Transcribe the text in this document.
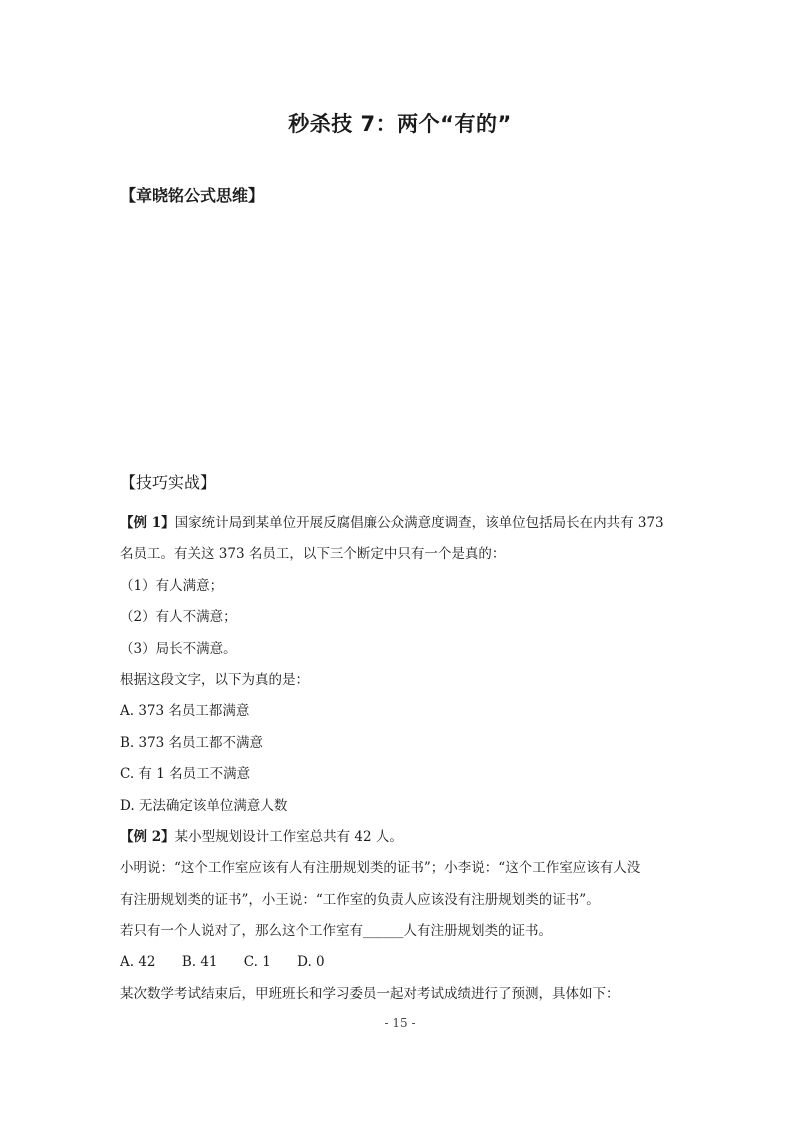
秒杀技 7：两个“有的”
【章晓铭公式思维】
【技巧实战】
【例 1】国家统计局到某单位开展反腐倡廉公众满意度调查，该单位包括局长在内共有 373
名员工。有关这 373 名员工，以下三个断定中只有一个是真的：
（1）有人满意；
（2）有人不满意；
（3）局长不满意。
根据这段文字，以下为真的是：
A. 373 名员工都满意
B. 373 名员工都不满意
C. 有 1 名员工不满意
D. 无法确定该单位满意人数
【例 2】某小型规划设计工作室总共有 42 人。
小明说：“这个工作室应该有人有注册规划类的证书”；小李说：“这个工作室应该有人没
有注册规划类的证书”，小王说：“工作室的负责人应该没有注册规划类的证书”。
若只有一个人说对了，那么这个工作室有______人有注册规划类的证书。
A. 42 B. 41 C. 1 D. 0
某次数学考试结束后，甲班班长和学习委员一起对考试成绩进行了预测，具体如下：
- 15 -
